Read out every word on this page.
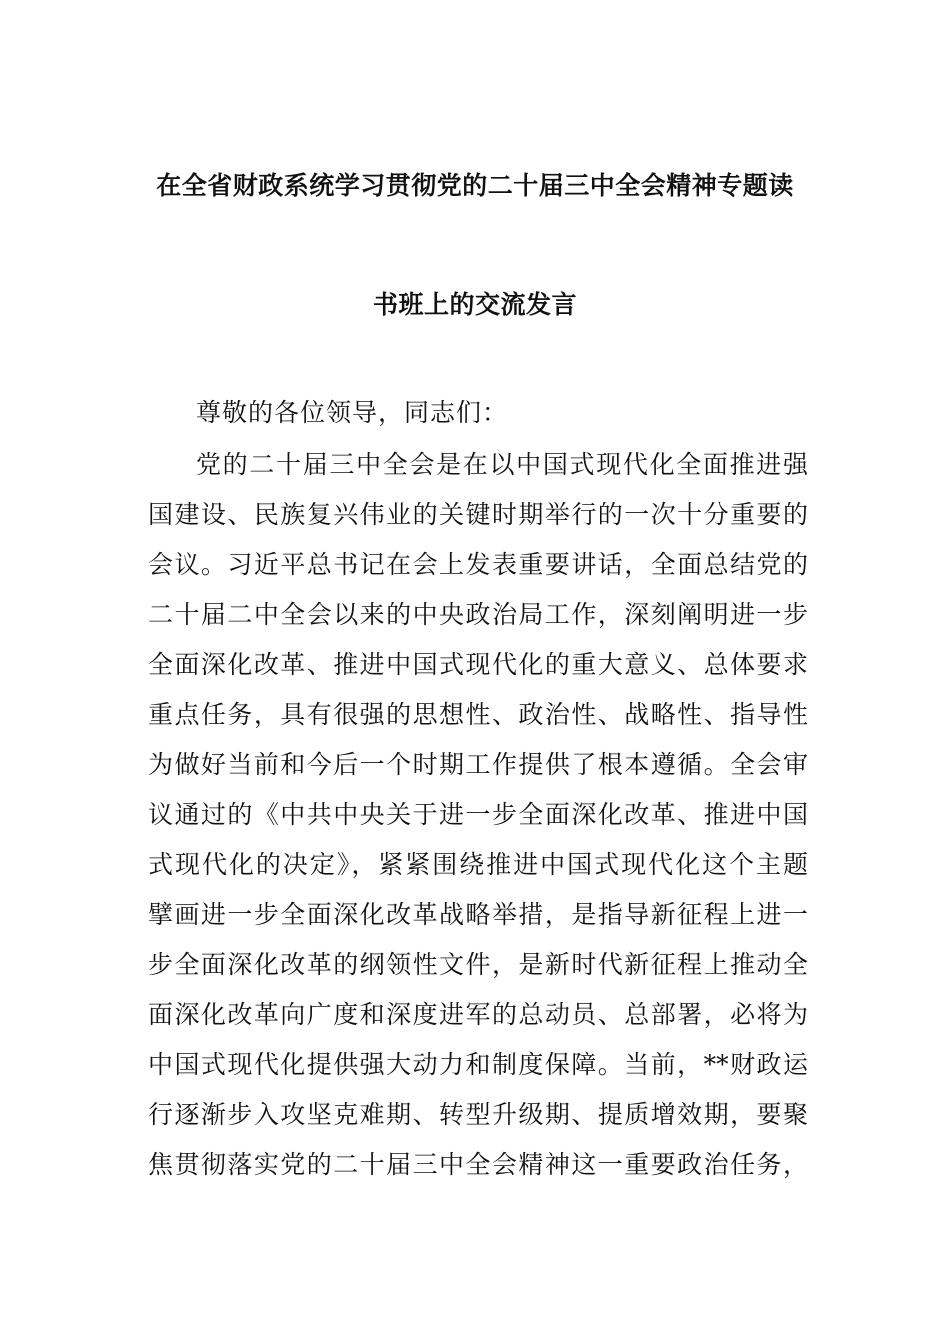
在全省财政系统学习贯彻党的二十届三中全会精神专题读
书班上的交流发言
尊敬的各位领导，同志们：
党的二十届三中全会是在以中国式现代化全面推进强
国建设、民族复兴伟业的关键时期举行的一次十分重要的
会议。习近平总书记在会上发表重要讲话，全面总结党的
二十届二中全会以来的中央政治局工作，深刻阐明进一步
全面深化改革、推进中国式现代化的重大意义、总体要求
重点任务，具有很强的思想性、政治性、战略性、指导性
为做好当前和今后一个时期工作提供了根本遵循。全会审
议通过的《中共中央关于进一步全面深化改革、推进中国
式现代化的决定》，紧紧围绕推进中国式现代化这个主题
擘画进一步全面深化改革战略举措，是指导新征程上进一
步全面深化改革的纲领性文件，是新时代新征程上推动全
面深化改革向广度和深度进军的总动员、总部署，必将为
中国式现代化提供强大动力和制度保障。当前，**财政运
行逐渐步入攻坚克难期、转型升级期、提质增效期，要聚
焦贯彻落实党的二十届三中全会精神这一重要政治任务，
